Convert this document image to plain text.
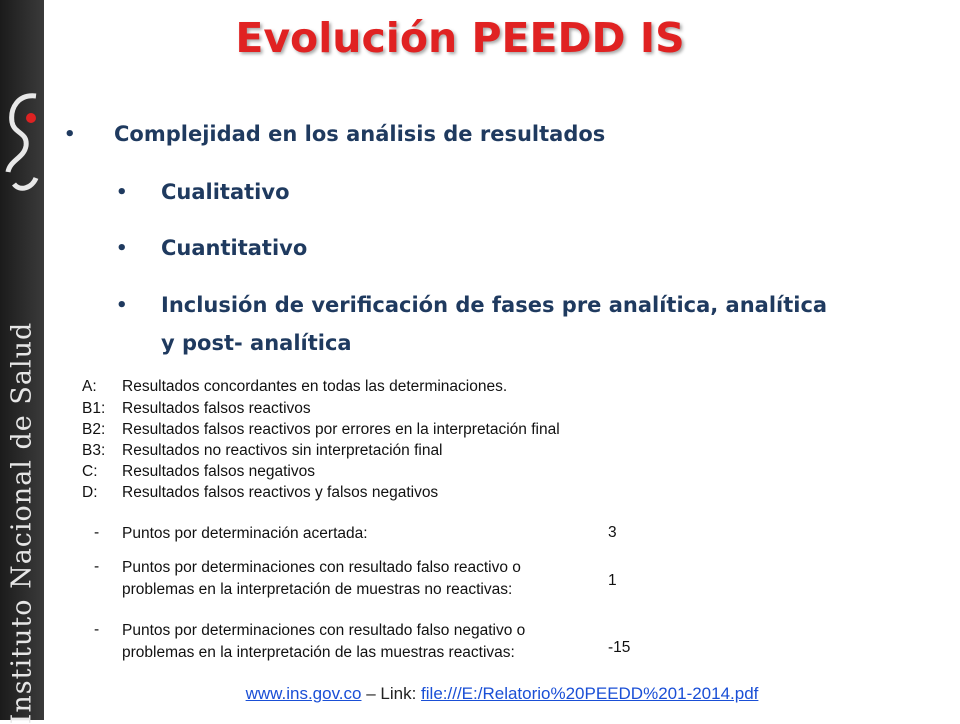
Instituto Nacional de Salud
Evolución PEEDD IS
• Complejidad en los análisis de resultados
• Cualitativo
• Cuantitativo
• Inclusión de verificación de fases pre analítica, analítica
y post- analítica
A: Resultados concordantes en todas las determinaciones.
B1: Resultados falsos reactivos
B2: Resultados falsos reactivos por errores en la interpretación final
B3: Resultados no reactivos sin interpretación final
C: Resultados falsos negativos
D: Resultados falsos reactivos y falsos negativos
- Puntos por determinación acertada:	3
- Puntos por determinaciones con resultado falso reactivo o
problemas en la interpretación de muestras no reactivas:
1
- Puntos por determinaciones con resultado falso negativo o
problemas en la interpretación de las muestras reactivas:	-15
www.ins.gov.co – Link: file:///E:/Relatorio%20PEEDD%201-2014.pdf
